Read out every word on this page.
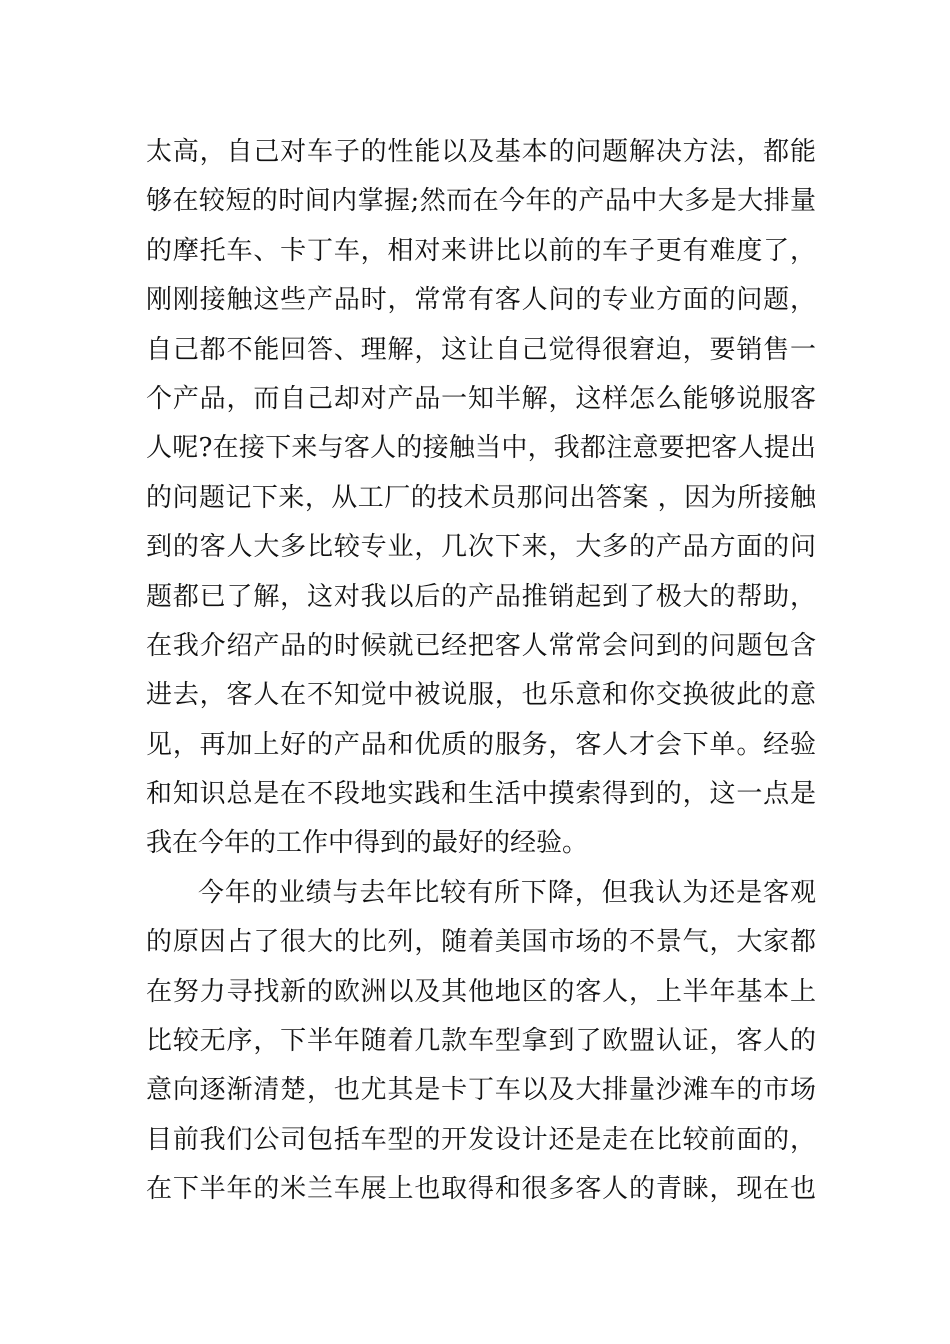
太高，自己对车子的性能以及基本的问题解决方法，都能
够在较短的时间内掌握;然而在今年的产品中大多是大排量
的摩托车、卡丁车，相对来讲比以前的车子更有难度了，
刚刚接触这些产品时，常常有客人问的专业方面的问题，
自己都不能回答、理解，这让自己觉得很窘迫，要销售一
个产品，而自己却对产品一知半解，这样怎么能够说服客
人呢?在接下来与客人的接触当中，我都注意要把客人提出
的问题记下来，从工厂的技术员那问出答案 ，因为所接触
到的客人大多比较专业，几次下来，大多的产品方面的问
题都已了解，这对我以后的产品推销起到了极大的帮助，
在我介绍产品的时候就已经把客人常常会问到的问题包含
进去，客人在不知觉中被说服，也乐意和你交换彼此的意
见，再加上好的产品和优质的服务，客人才会下单。经验
和知识总是在不段地实践和生活中摸索得到的，这一点是
我在今年的工作中得到的最好的经验。
今年的业绩与去年比较有所下降，但我认为还是客观
的原因占了很大的比列，随着美国市场的不景气，大家都
在努力寻找新的欧洲以及其他地区的客人，上半年基本上
比较无序，下半年随着几款车型拿到了欧盟认证，客人的
意向逐渐清楚，也尤其是卡丁车以及大排量沙滩车的市场
目前我们公司包括车型的开发设计还是走在比较前面的，
在下半年的米兰车展上也取得和很多客人的青睐，现在也
